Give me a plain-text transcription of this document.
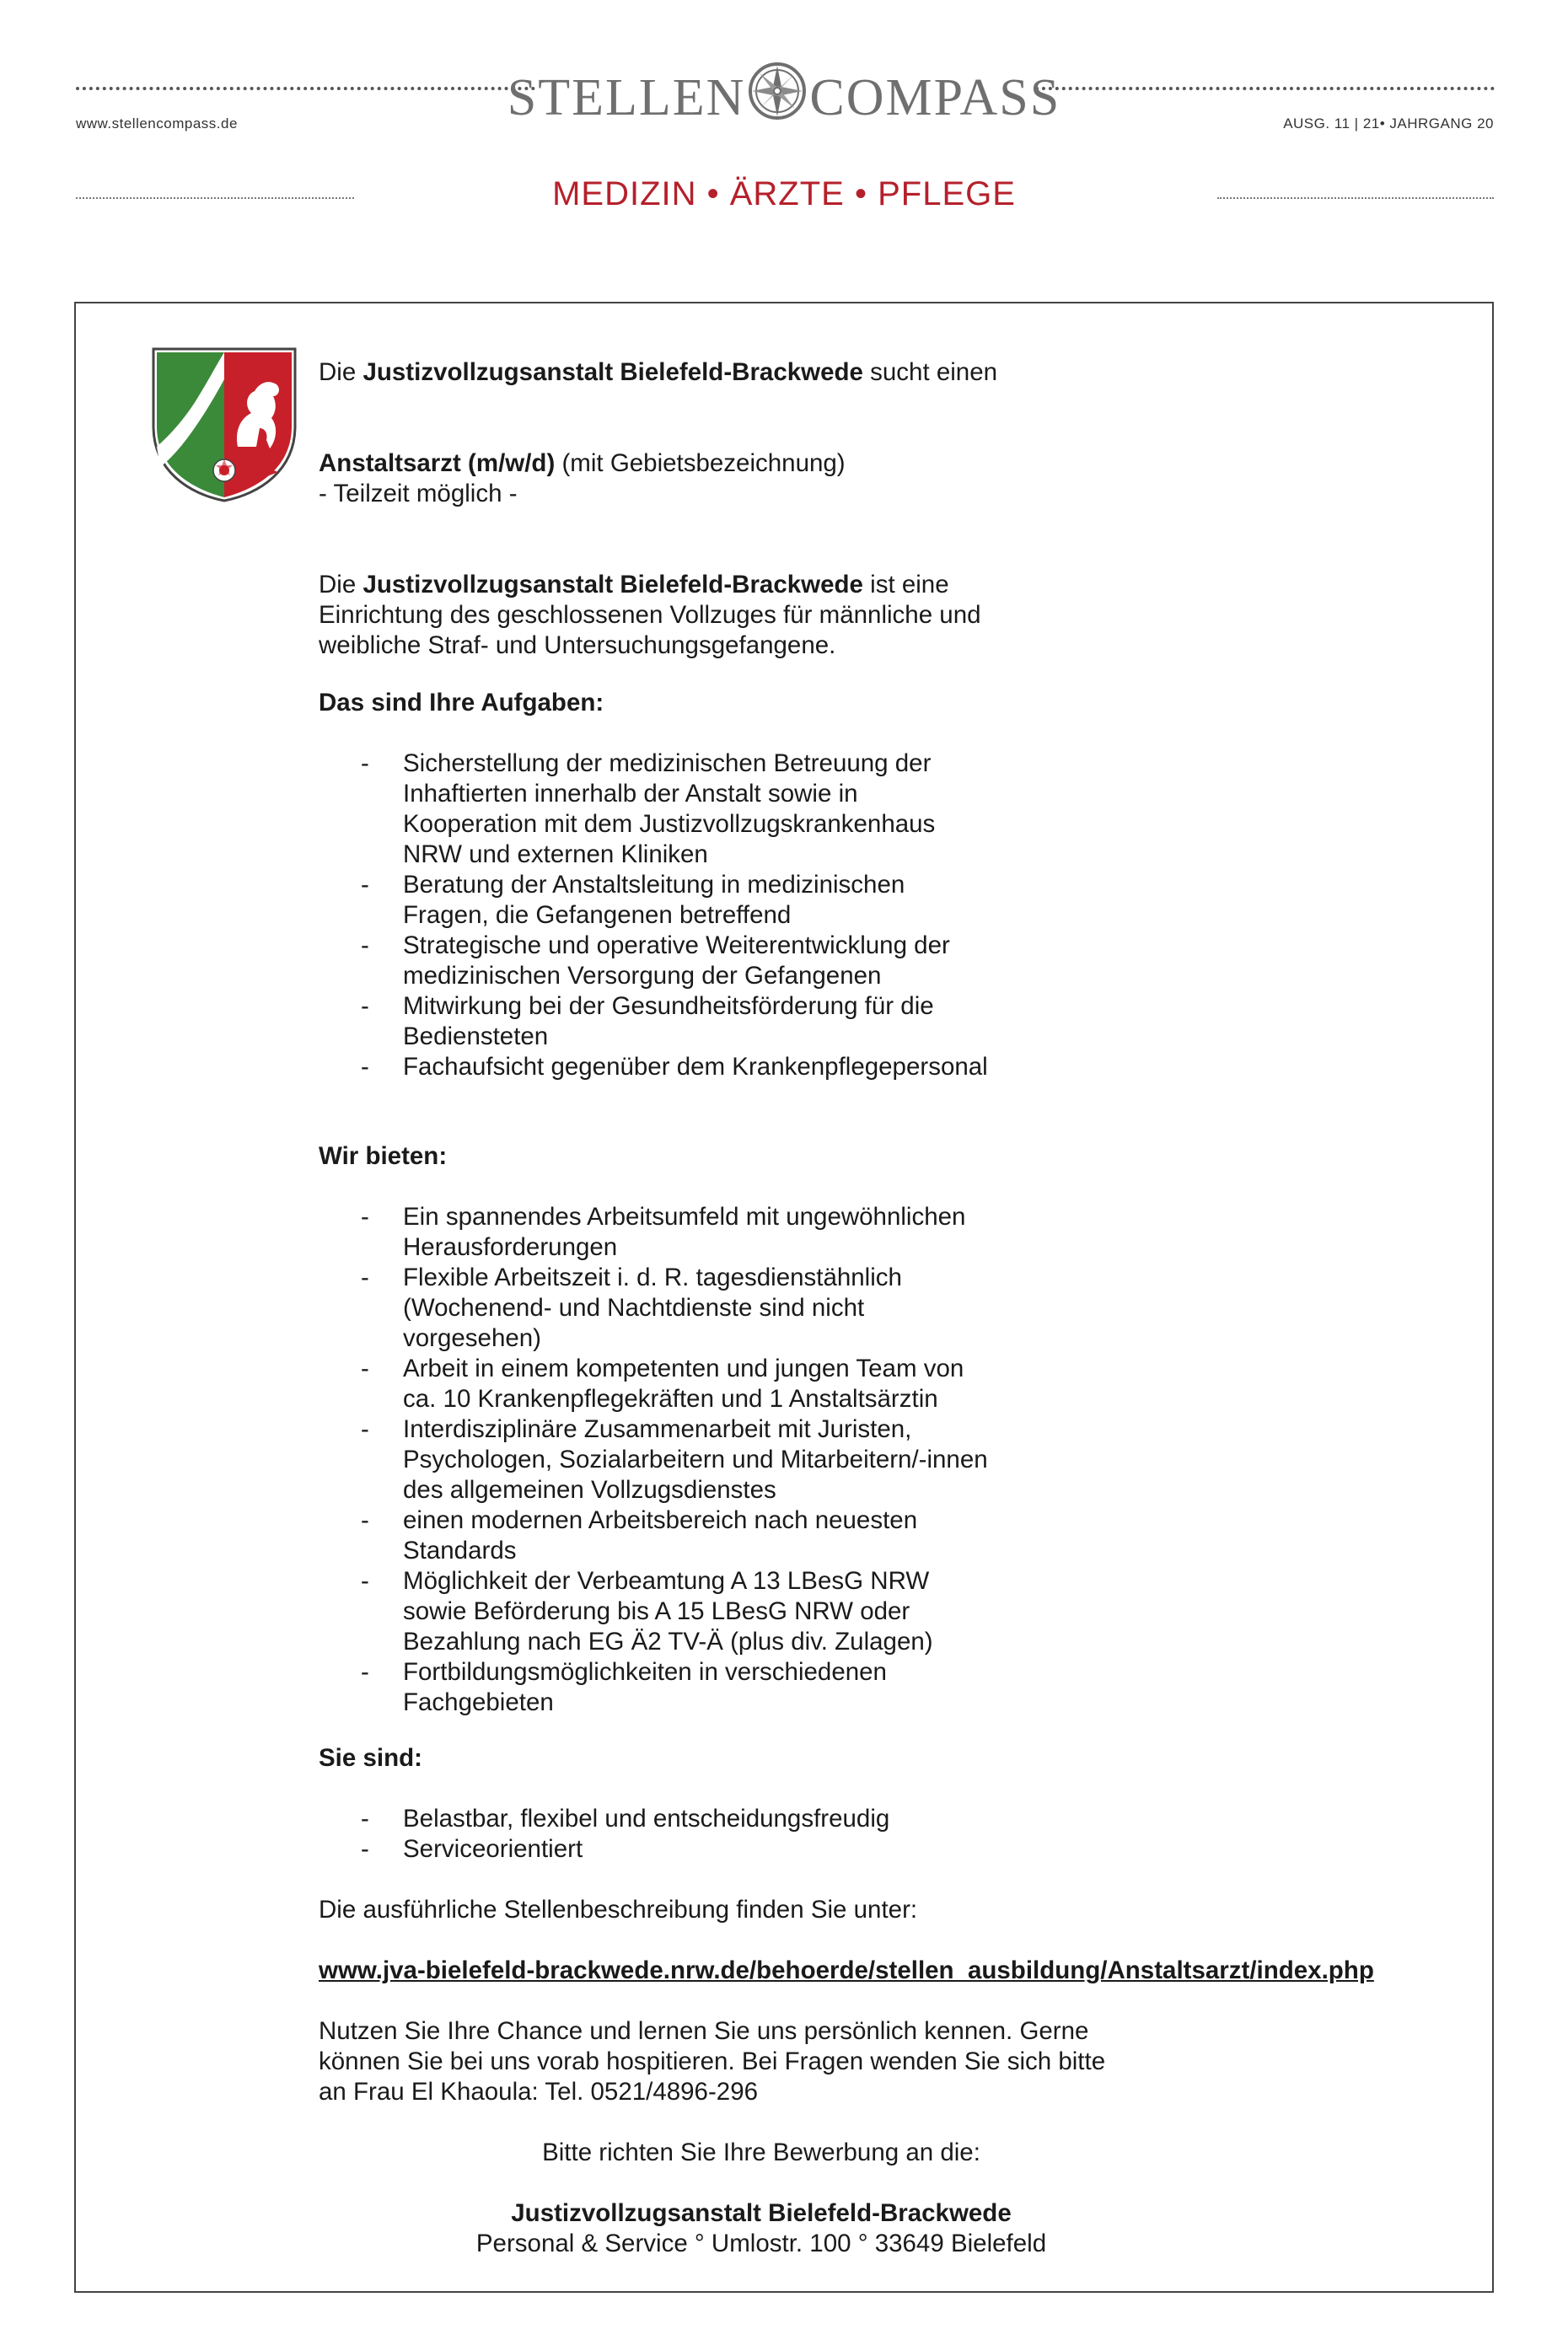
STELLEN COMPASS
www.stellencompass.de	AUSG. 11 | 21• JAHRGANG 20
MEDIZIN • ÄRZTE • PFLEGE

Die Justizvollzugsanstalt Bielefeld-Brackwede sucht einen

Anstaltsarzt (m/w/d) (mit Gebietsbezeichnung)

- Teilzeit möglich -

Die Justizvollzugsanstalt Bielefeld-Brackwede ist eine

Einrichtung des geschlossenen Vollzuges für männliche und

weibliche Straf- und Untersuchungsgefangene.

Das sind Ihre Aufgaben:

- Sicherstellung der medizinischen Betreuung der
Inhaftierten innerhalb der Anstalt sowie in
Kooperation mit dem Justizvollzugskrankenhaus
NRW und externen Kliniken
- Beratung der Anstaltsleitung in medizinischen
Fragen, die Gefangenen betreffend
- Strategische und operative Weiterentwicklung der
medizinischen Versorgung der Gefangenen
- Mitwirkung bei der Gesundheitsförderung für die
Bediensteten
- Fachaufsicht gegenüber dem Krankenpflegepersonal

Wir bieten:

- Ein spannendes Arbeitsumfeld mit ungewöhnlichen
Herausforderungen
- Flexible Arbeitszeit i. d. R. tagesdienstähnlich
(Wochenend- und Nachtdienste sind nicht
vorgesehen)
- Arbeit in einem kompetenten und jungen Team von
ca. 10 Krankenpflegekräften und 1 Anstaltsärztin
- Interdisziplinäre Zusammenarbeit mit Juristen,
Psychologen, Sozialarbeitern und Mitarbeitern/-innen
des allgemeinen Vollzugsdienstes
- einen modernen Arbeitsbereich nach neuesten
Standards
- Möglichkeit der Verbeamtung A 13 LBesG NRW
sowie Beförderung bis A 15 LBesG NRW oder
Bezahlung nach EG Ä2 TV-Ä (plus div. Zulagen)
- Fortbildungsmöglichkeiten in verschiedenen
Fachgebieten

Sie sind:

- Belastbar, flexibel und entscheidungsfreudig
- Serviceorientiert
Die ausführliche Stellenbeschreibung finden Sie unter:
www.jva-bielefeld-brackwede.nrw.de/behoerde/stellen_ausbildung/Anstaltsarzt/index.php

Nutzen Sie Ihre Chance und lernen Sie uns persönlich kennen. Gerne

können Sie bei uns vorab hospitieren. Bei Fragen wenden Sie sich bitte

an Frau El Khaoula: Tel. 0521/4896-296

Bitte richten Sie Ihre Bewerbung an die:
Justizvollzugsanstalt Bielefeld-Brackwede
Personal & Service ° Umlostr. 100 ° 33649 Bielefeld
